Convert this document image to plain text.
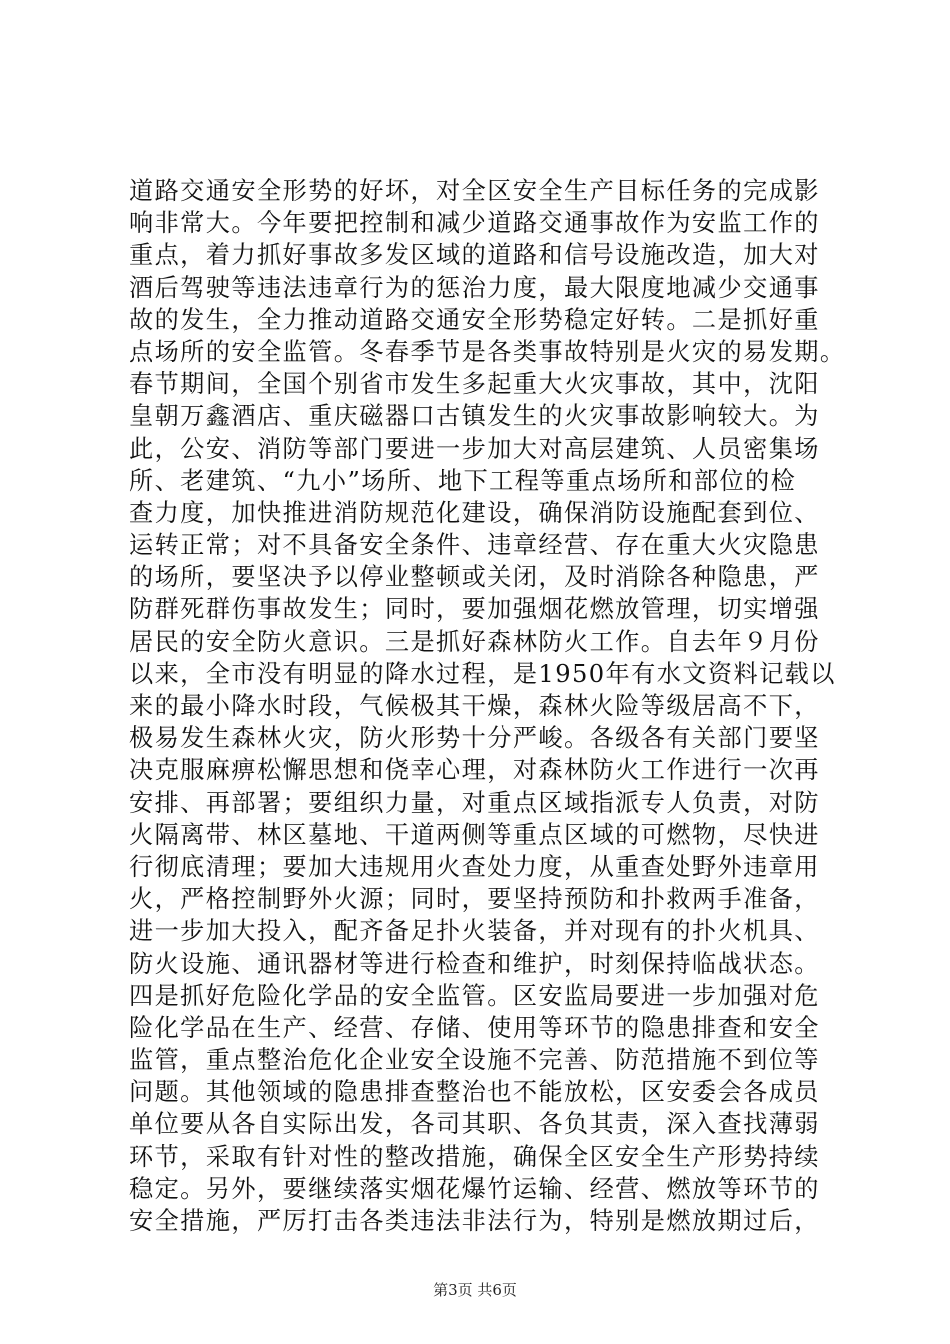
道路交通安全形势的好坏，对全区安全生产目标任务的完成影
响非常大。今年要把控制和减少道路交通事故作为安监工作的
重点，着力抓好事故多发区域的道路和信号设施改造，加大对
酒后驾驶等违法违章行为的惩治力度，最大限度地减少交通事
故的发生，全力推动道路交通安全形势稳定好转。二是抓好重
点场所的安全监管。冬春季节是各类事故特别是火灾的易发期。
春节期间，全国个别省市发生多起重大火灾事故，其中，沈阳
皇朝万鑫酒店、重庆磁器口古镇发生的火灾事故影响较大。为
此，公安、消防等部门要进一步加大对高层建筑、人员密集场
所、老建筑、“九小”场所、地下工程等重点场所和部位的检
查力度，加快推进消防规范化建设，确保消防设施配套到位、
运转正常；对不具备安全条件、违章经营、存在重大火灾隐患
的场所，要坚决予以停业整顿或关闭，及时消除各种隐患，严
防群死群伤事故发生；同时，要加强烟花燃放管理，切实增强
居民的安全防火意识。三是抓好森林防火工作。自去年９月份
以来，全市没有明显的降水过程，是1950年有水文资料记载以
来的最小降水时段，气候极其干燥，森林火险等级居高不下，
极易发生森林火灾，防火形势十分严峻。各级各有关部门要坚
决克服麻痹松懈思想和侥幸心理，对森林防火工作进行一次再
安排、再部署；要组织力量，对重点区域指派专人负责，对防
火隔离带、林区墓地、干道两侧等重点区域的可燃物，尽快进
行彻底清理；要加大违规用火查处力度，从重查处野外违章用
火，严格控制野外火源；同时，要坚持预防和扑救两手准备，
进一步加大投入，配齐备足扑火装备，并对现有的扑火机具、
防火设施、通讯器材等进行检查和维护，时刻保持临战状态。
四是抓好危险化学品的安全监管。区安监局要进一步加强对危
险化学品在生产、经营、存储、使用等环节的隐患排查和安全
监管，重点整治危化企业安全设施不完善、防范措施不到位等
问题。其他领域的隐患排查整治也不能放松，区安委会各成员
单位要从各自实际出发，各司其职、各负其责，深入查找薄弱
环节，采取有针对性的整改措施，确保全区安全生产形势持续
稳定。另外，要继续落实烟花爆竹运输、经营、燃放等环节的
安全措施，严厉打击各类违法非法行为，特别是燃放期过后，
第3页 共6页
